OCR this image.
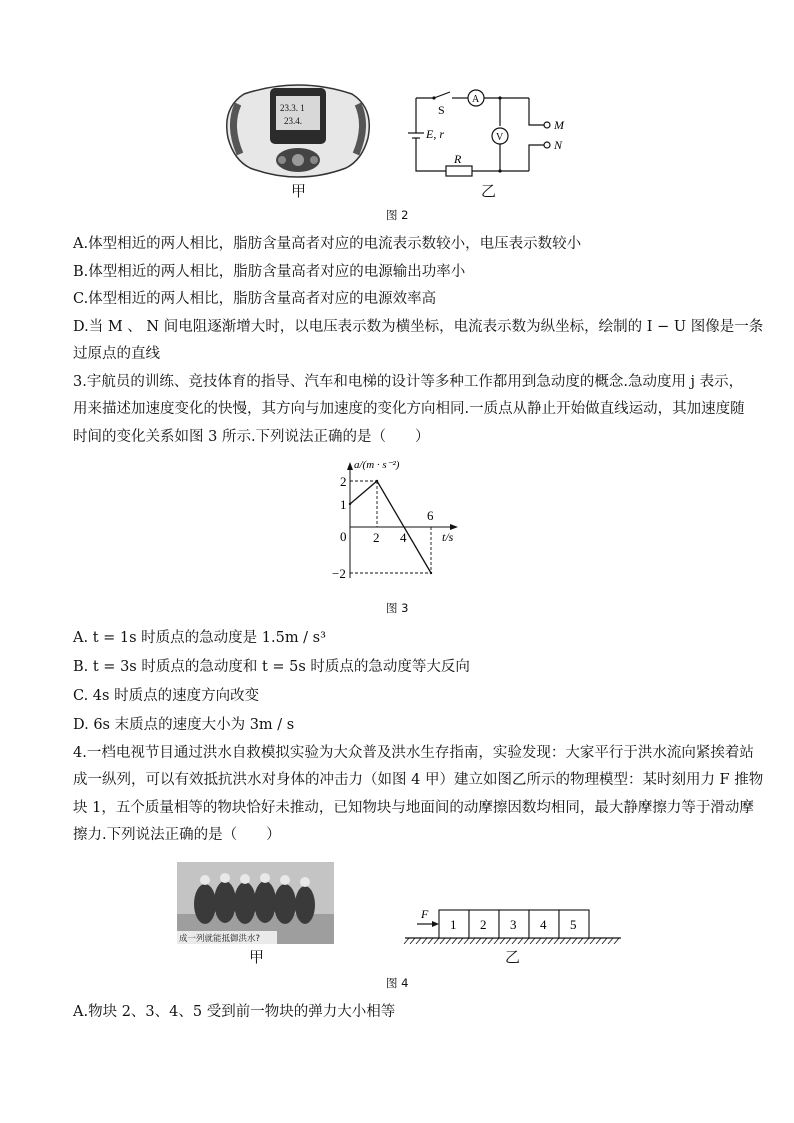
23.3. 1
23.4.
甲
S
A
V
M
N
E, r
R
乙
图 2
A.体型相近的两人相比，脂肪含量高者对应的电流表示数较小，电压表示数较小
B.体型相近的两人相比，脂肪含量高者对应的电源输出功率小
C.体型相近的两人相比，脂肪含量高者对应的电源效率高
D.当 M 、 N 间电阻逐渐增大时，以电压表示数为横坐标，电流表示数为纵坐标，绘制的 I − U 图像是一条
过原点的直线
3.宇航员的训练、竞技体育的指导、汽车和电梯的设计等多种工作都用到急动度的概念.急动度用 j 表示，
用来描述加速度变化的快慢，其方向与加速度的变化方向相同.一质点从静止开始做直线运动，其加速度随
时间的变化关系如图 3 所示.下列说法正确的是（　　）
a/(m · s⁻²)
t/s
2 4
6
2
1
0
−2
图 3
A. t = 1s 时质点的急动度是 1.5m / s³
B. t = 3s 时质点的急动度和 t = 5s 时质点的急动度等大反向
C. 4s 时质点的速度方向改变
D. 6s 末质点的速度大小为 3m / s
4.一档电视节目通过洪水自救模拟实验为大众普及洪水生存指南，实验发现：大家平行于洪水流向紧挨着站
成一纵列，可以有效抵抗洪水对身体的冲击力（如图 4 甲）建立如图乙所示的物理模型：某时刻用力 F 推物
块 1，五个质量相等的物块恰好未推动，已知物块与地面间的动摩擦因数均相同，最大静摩擦力等于滑动摩
擦力.下列说法正确的是（　　）
成一列就能抵御洪水?
甲
F
1 2 3 4 5
乙
图 4
A.物块 2、3、4、5 受到前一物块的弹力大小相等
